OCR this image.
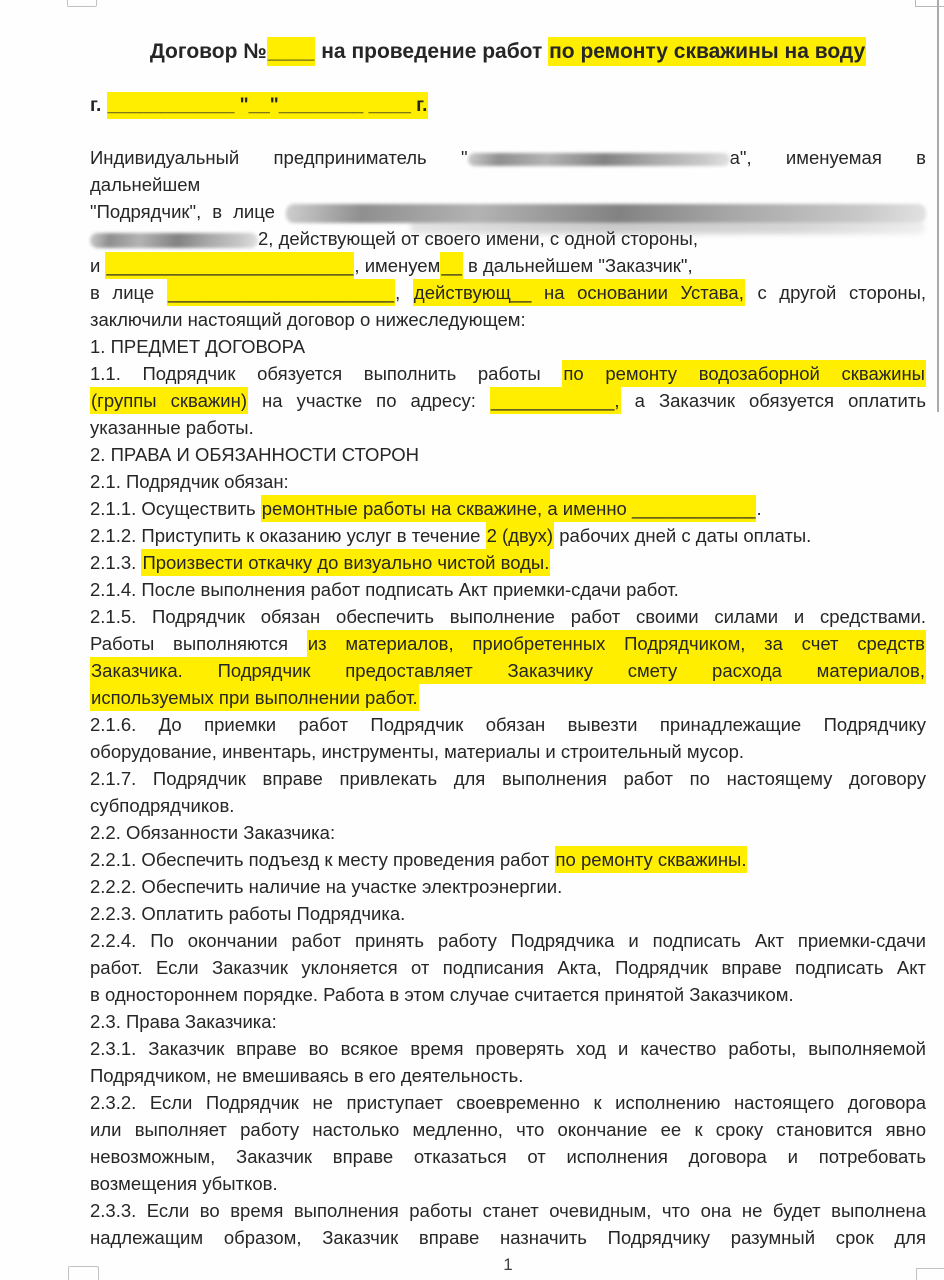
Договор №____ на проведение работ по ремонту скважины на воду
г. ____________ "__"________ ____ г.
Индивидуальный предприниматель "	а", именуемая в
дальнейшем
"Подрядчик", в лице
2, действующей от своего имени, с одной стороны,
и ________________________, именуем__ в дальнейшем "Заказчик",
в лице ______________________, действующ__ на основании Устава, с другой стороны,
заключили настоящий договор о нижеследующем:
1. ПРЕДМЕТ ДОГОВОРА
1.1. Подрядчик обязуется выполнить работы по ремонту водозаборной скважины
(группы скважин) на участке по адресу: ____________, а Заказчик обязуется оплатить
указанные работы.
2. ПРАВА И ОБЯЗАННОСТИ СТОРОН
2.1. Подрядчик обязан:
2.1.1. Осуществить ремонтные работы на скважине, а именно ____________.
2.1.2. Приступить к оказанию услуг в течение 2 (двух) рабочих дней с даты оплаты.
2.1.3. Произвести откачку до визуально чистой воды.
2.1.4. После выполнения работ подписать Акт приемки-сдачи работ.
2.1.5. Подрядчик обязан обеспечить выполнение работ своими силами и средствами.
Работы выполняются из материалов, приобретенных Подрядчиком, за счет средств
Заказчика. Подрядчик предоставляет Заказчику смету расхода материалов,
используемых при выполнении работ.
2.1.6. До приемки работ Подрядчик обязан вывезти принадлежащие Подрядчику
оборудование, инвентарь, инструменты, материалы и строительный мусор.
2.1.7. Подрядчик вправе привлекать для выполнения работ по настоящему договору
субподрядчиков.
2.2. Обязанности Заказчика:
2.2.1. Обеспечить подъезд к месту проведения работ по ремонту скважины.
2.2.2. Обеспечить наличие на участке электроэнергии.
2.2.3. Оплатить работы Подрядчика.
2.2.4. По окончании работ принять работу Подрядчика и подписать Акт приемки-сдачи
работ. Если Заказчик уклоняется от подписания Акта, Подрядчик вправе подписать Акт
в одностороннем порядке. Работа в этом случае считается принятой Заказчиком.
2.3. Права Заказчика:
2.3.1. Заказчик вправе во всякое время проверять ход и качество работы, выполняемой
Подрядчиком, не вмешиваясь в его деятельность.
2.3.2. Если Подрядчик не приступает своевременно к исполнению настоящего договора
или выполняет работу настолько медленно, что окончание ее к сроку становится явно
невозможным, Заказчик вправе отказаться от исполнения договора и потребовать
возмещения убытков.
2.3.3. Если во время выполнения работы станет очевидным, что она не будет выполнена
надлежащим образом, Заказчик вправе назначить Подрядчику разумный срок для
1
